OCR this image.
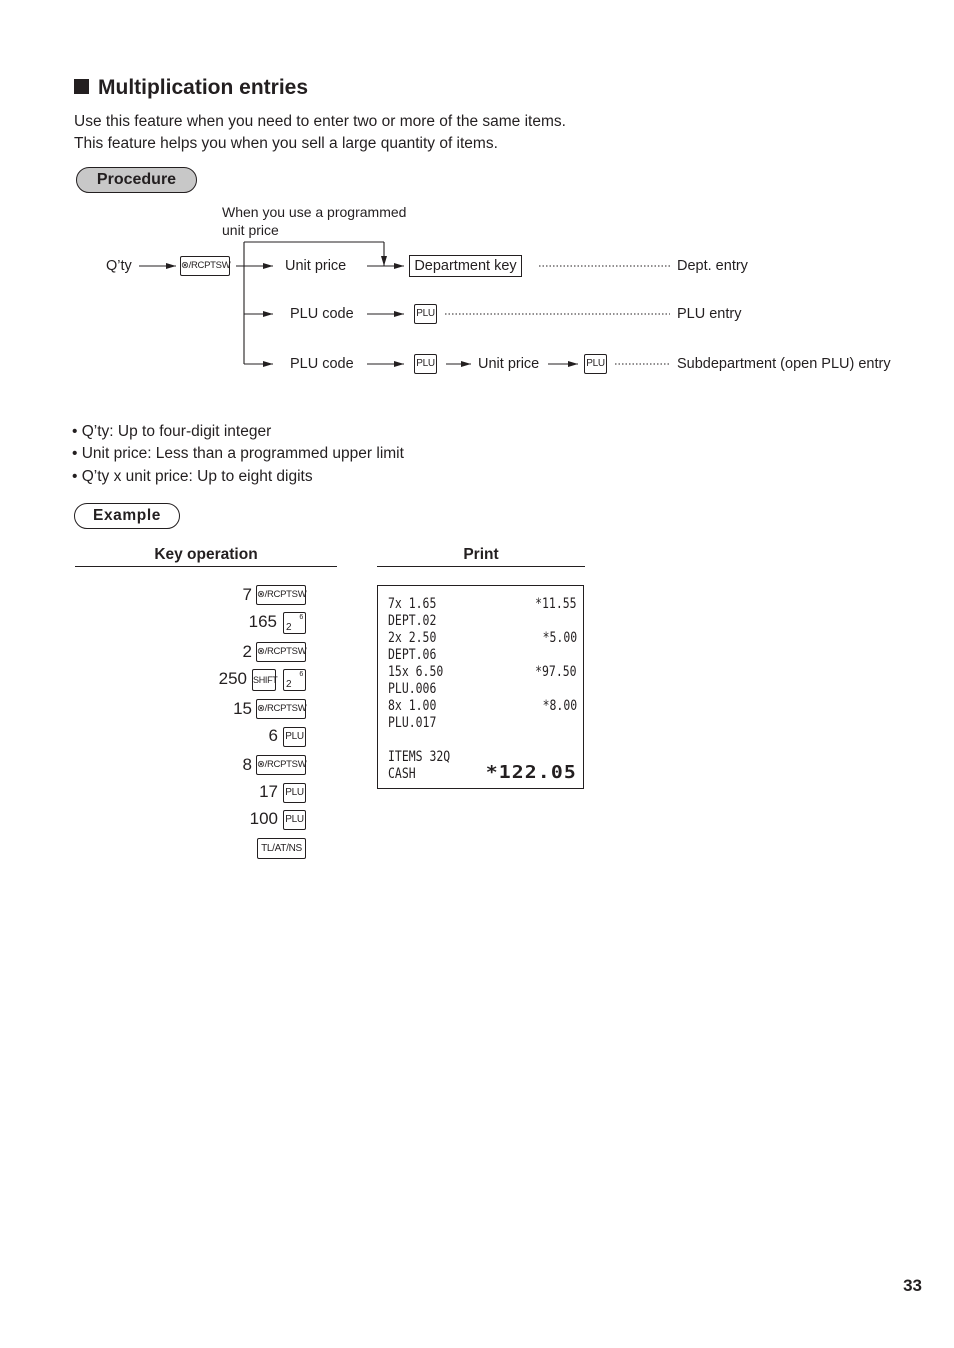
Multiplication entries
Use this feature when you need to enter two or more of the same items.
This feature helps you when you sell a large quantity of items.
Procedure
When you use a programmed
unit price
Q’ty	⊗/RCPTSW	Unit price	Department key	Dept. entry
PLU code	PLU	PLU entry
PLU code	PLU	Unit price	PLU	Subdepartment (open PLU) entry
• Q’ty: Up to four-digit integer
• Unit price: Less than a programmed upper limit
• Q’ty x unit price: Up to eight digits
Example
Key operation	Print
7 ⊗/RCPTSW
165 2
6
2 ⊗/RCPTSW
250 SHIFT 2
6
15 ⊗/RCPTSW
6 PLU
8 ⊗/RCPTSW
17 PLU
100 PLU
TL/AT/NS
7x 1.65	*11.55
DEPT.02
2x 2.50	*5.00
DEPT.06
15x 6.50	*97.50
PLU.006
8x 1.00	*8.00
PLU.017
ITEMS 32Q
CASH	*122.05
33
